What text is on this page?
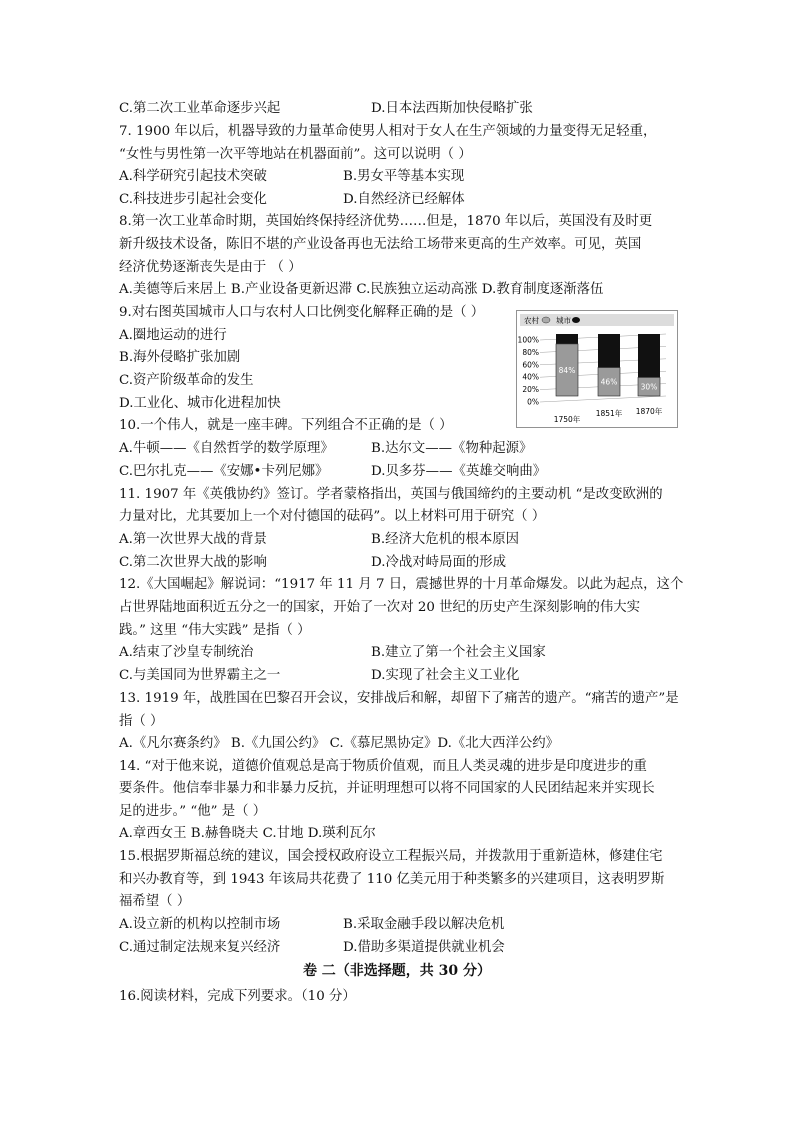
C.第二次工业革命逐步兴起	D.日本法西斯加快侵略扩张
7. 1900 年以后，机器导致的力量革命使男人相对于女人在生产领域的力量变得无足轻重，
“女性与男性第一次平等地站在机器面前”。这可以说明（ ）
A.科学研究引起技术突破	B.男女平等基本实现
C.科技进步引起社会变化	D.自然经济已经解体
8.第一次工业革命时期，英国始终保持经济优势……但是，1870 年以后，英国没有及时更
新升级技术设备，陈旧不堪的产业设备再也无法给工场带来更高的生产效率。可见，英国
经济优势逐渐丧失是由于 （ ）
A.美德等后来居上 B.产业设备更新迟滞 C.民族独立运动高涨 D.教育制度逐渐落伍
9.对右图英国城市人口与农村人口比例变化解释正确的是（ ）
A.圈地运动的进行
B.海外侵略扩张加剧
C.资产阶级革命的发生
D.工业化、城市化进程加快
农村 城市
100%
80%
60%
40%
20%
0%
84%
1750年
46%
1851年
30%
1870年
10.一个伟人，就是一座丰碑。下列组合不正确的是（ ）
A.牛顿——《自然哲学的数学原理》	B.达尔文——《物种起源》
C.巴尔扎克——《安娜•卡列尼娜》	D.贝多芬——《英雄交响曲》
11. 1907 年《英俄协约》签订。学者蒙格指出，英国与俄国缔约的主要动机 “是改变欧洲的
力量对比，尤其要加上一个对付德国的砝码”。以上材料可用于研究（ ）
A.第一次世界大战的背景	B.经济大危机的根本原因
C.第二次世界大战的影响	D.冷战对峙局面的形成
12.《大国崛起》解说词：“1917 年 11 月 7 日，震撼世界的十月革命爆发。以此为起点，这个
占世界陆地面积近五分之一的国家，开始了一次对 20 世纪的历史产生深刻影响的伟大实
践。” 这里 “伟大实践” 是指（ ）
A.结束了沙皇专制统治	B.建立了第一个社会主义国家
C.与美国同为世界霸主之一	D.实现了社会主义工业化
13. 1919 年，战胜国在巴黎召开会议，安排战后和解，却留下了痛苦的遗产。“痛苦的遗产”是
指（ ）
A.《凡尔赛条约》 B.《九国公约》 C.《慕尼黑协定》D.《北大西洋公约》
14. “对于他来说，道德价值观总是高于物质价值观，而且人类灵魂的进步是印度进步的重
要条件。他信奉非暴力和非暴力反抗，并证明理想可以将不同国家的人民团结起来并实现长
足的进步。” “他” 是（ ）
A.章西女王 B.赫鲁晓夫 C.甘地 D.瑛利瓦尔
15.根据罗斯福总统的建议，国会授权政府设立工程振兴局，并拨款用于重新造林，修建住宅
和兴办教育等，到 1943 年该局共花费了 110 亿美元用于种类繁多的兴建项目，这表明罗斯
福希望（ ）
A.设立新的机构以控制市场	B.采取金融手段以解决危机
C.通过制定法规来复兴经济	D.借助多渠道提供就业机会
卷 二（非选择题，共 30 分）
16.阅读材料，完成下列要求。（10 分）
